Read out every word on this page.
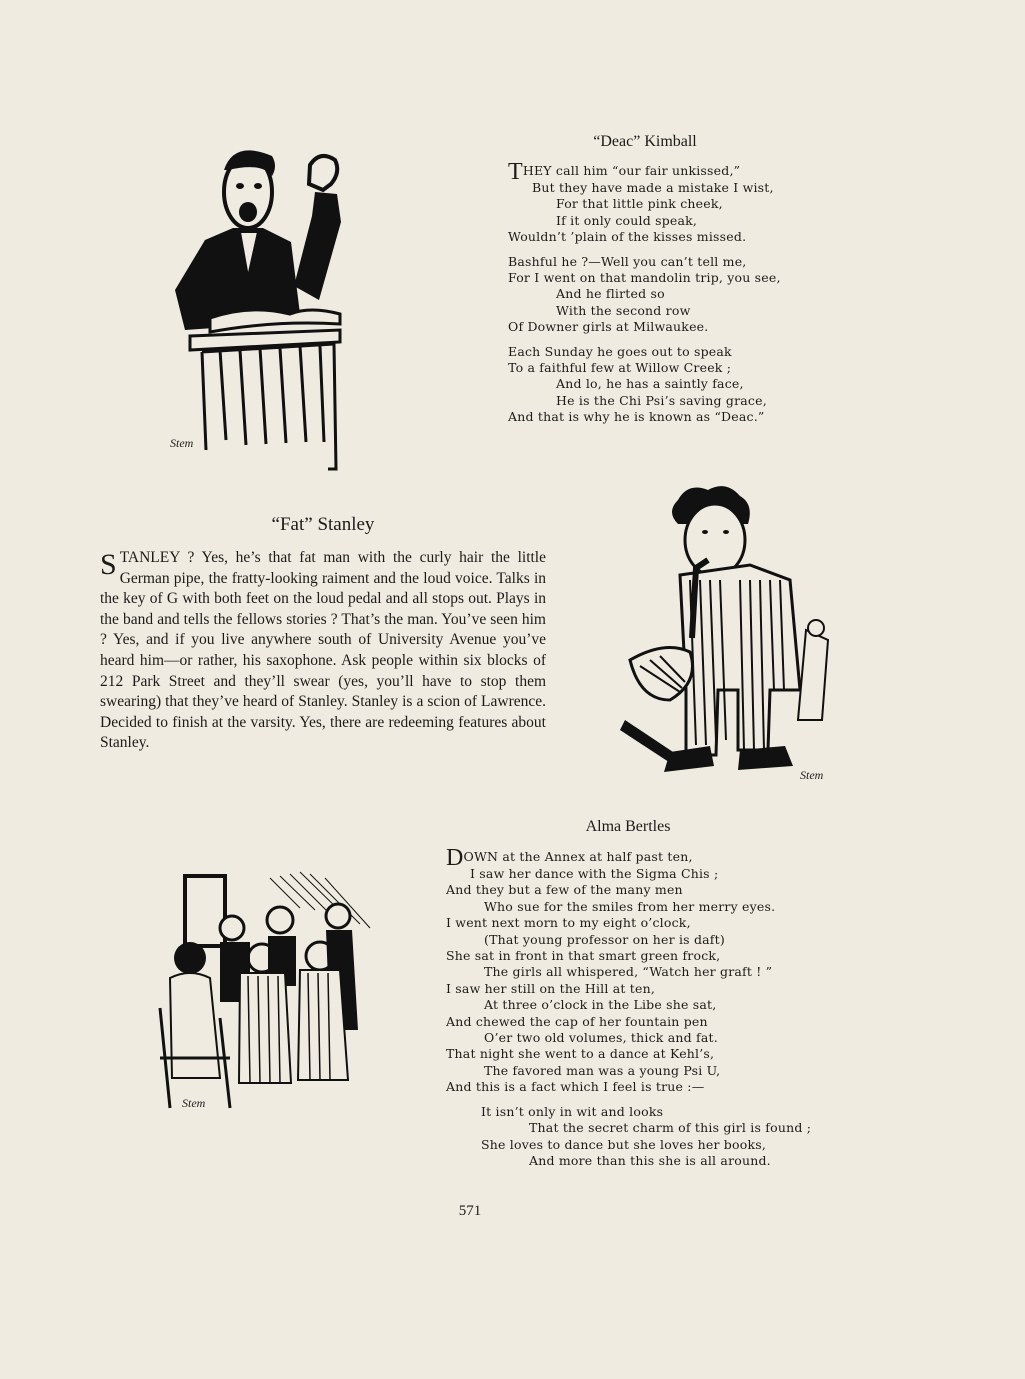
Stem
“Deac” Kimball
THEY call him “our fair unkissed,”
But they have made a mistake I wist,
For that little pink cheek,
If it only could speak,
Wouldn’t ’plain of the kisses missed.
Bashful he ?—Well you can’t tell me,
For I went on that mandolin trip, you see,
And he flirted so
With the second row
Of Downer girls at Milwaukee.
Each Sunday he goes out to speak
To a faithful few at Willow Creek ;
And lo, he has a saintly face,
He is the Chi Psi’s saving grace,
And that is why he is known as “Deac.”
“Fat” Stanley
STANLEY ? Yes, he’s that fat man with the curly hair the little German pipe, the fratty-looking raiment and the loud voice. Talks in the key of G with both feet on the loud pedal and all stops out. Plays in the band and tells the fellows stories ? That’s the man. You’ve seen him ? Yes, and if you live anywhere south of University Avenue you’ve heard him—or rather, his saxophone. Ask people within six blocks of 212 Park Street and they’ll swear (yes, you’ll have to stop them swearing) that they’ve heard of Stanley. Stanley is a scion of Lawrence. Decided to finish at the varsity. Yes, there are redeeming features about Stanley.
Stem
Alma Bertles
DOWN at the Annex at half past ten,
I saw her dance with the Sigma Chis ;
And they but a few of the many men
Who sue for the smiles from her merry eyes.
I went next morn to my eight o’clock,
(That young professor on her is daft)
She sat in front in that smart green frock,
The girls all whispered, “Watch her graft ! ”
I saw her still on the Hill at ten,
At three o’clock in the Libe she sat,
And chewed the cap of her fountain pen
O’er two old volumes, thick and fat.
That night she went to a dance at Kehl’s,
The favored man was a young Psi U,
And this is a fact which I feel is true :—
It isn’t only in wit and looks
That the secret charm of this girl is found ;
She loves to dance but she loves her books,
And more than this she is all around.
Stem
571
